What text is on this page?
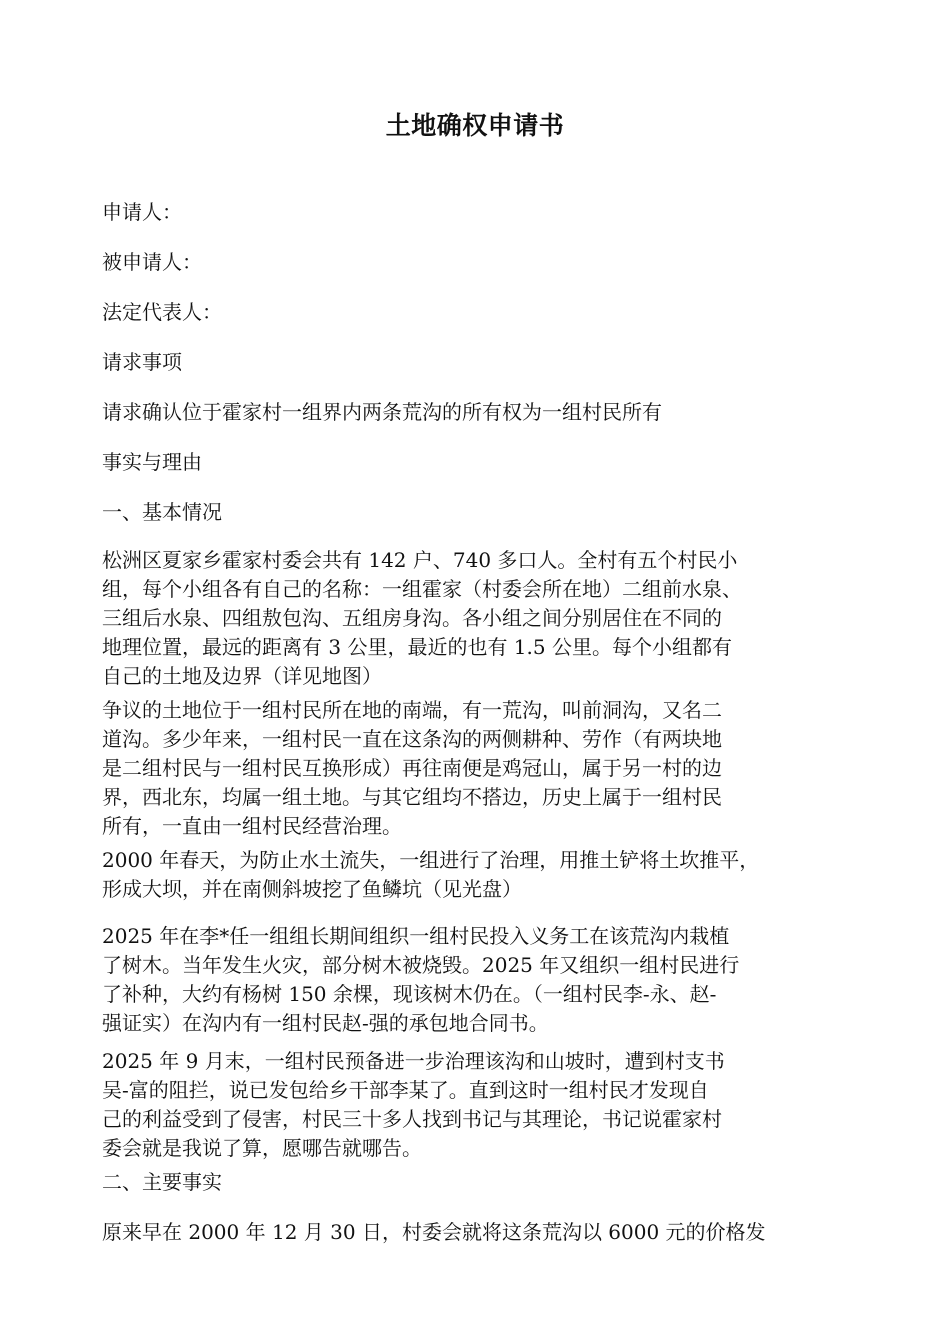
土地确权申请书
申请人：
被申请人：
法定代表人：
请求事项
请求确认位于霍家村一组界内两条荒沟的所有权为一组村民所有
事实与理由
一、基本情况
松洲区夏家乡霍家村委会共有 142 户、740 多口人。全村有五个村民小
组，每个小组各有自己的名称：一组霍家（村委会所在地）二组前水泉、
三组后水泉、四组敖包沟、五组房身沟。各小组之间分别居住在不同的
地理位置，最远的距离有 3 公里，最近的也有 1.5 公里。每个小组都有
自己的土地及边界（详见地图）
争议的土地位于一组村民所在地的南端，有一荒沟，叫前洞沟，又名二
道沟。多少年来，一组村民一直在这条沟的两侧耕种、劳作（有两块地
是二组村民与一组村民互换形成）再往南便是鸡冠山，属于另一村的边
界，西北东，均属一组土地。与其它组均不搭边，历史上属于一组村民
所有，一直由一组村民经营治理。
2000 年春天，为防止水土流失，一组进行了治理，用推土铲将土坎推平，
形成大坝，并在南侧斜坡挖了鱼鳞坑（见光盘）
2025 年在李*任一组组长期间组织一组村民投入义务工在该荒沟内栽植
了树木。当年发生火灾，部分树木被烧毁。2025 年又组织一组村民进行
了补种，大约有杨树 150 余棵，现该树木仍在。（一组村民李-永、赵-
强证实）在沟内有一组村民赵-强的承包地合同书。
2025 年 9 月末，一组村民预备进一步治理该沟和山坡时，遭到村支书
吴-富的阻拦，说已发包给乡干部李某了。直到这时一组村民才发现自
己的利益受到了侵害，村民三十多人找到书记与其理论，书记说霍家村
委会就是我说了算，愿哪告就哪告。
二、主要事实
原来早在 2000 年 12 月 30 日，村委会就将这条荒沟以 6000 元的价格发
